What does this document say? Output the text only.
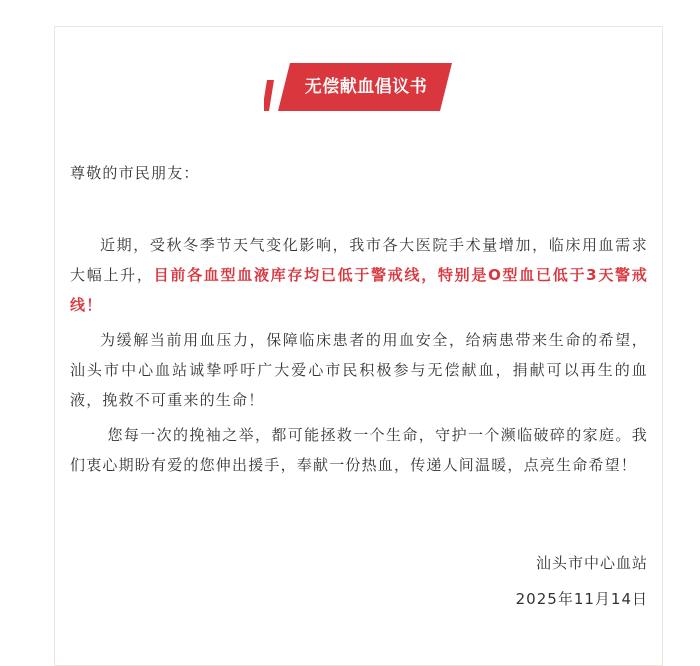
无偿献血倡议书
尊敬的市民朋友：
近期，受秋冬季节天气变化影响，我市各大医院手术量增加，临床用血需求大幅上升，目前各血型血液库存均已低于警戒线，特别是O型血已低于3天警戒线！
为缓解当前用血压力，保障临床患者的用血安全，给病患带来生命的希望，汕头市中心血站诚挚呼吁广大爱心市民积极参与无偿献血，捐献可以再生的血液，挽救不可重来的生命！
您每一次的挽袖之举，都可能拯救一个生命，守护一个濒临破碎的家庭。我们衷心期盼有爱的您伸出援手，奉献一份热血，传递人间温暖，点亮生命希望！
汕头市中心血站
2025年11月14日
